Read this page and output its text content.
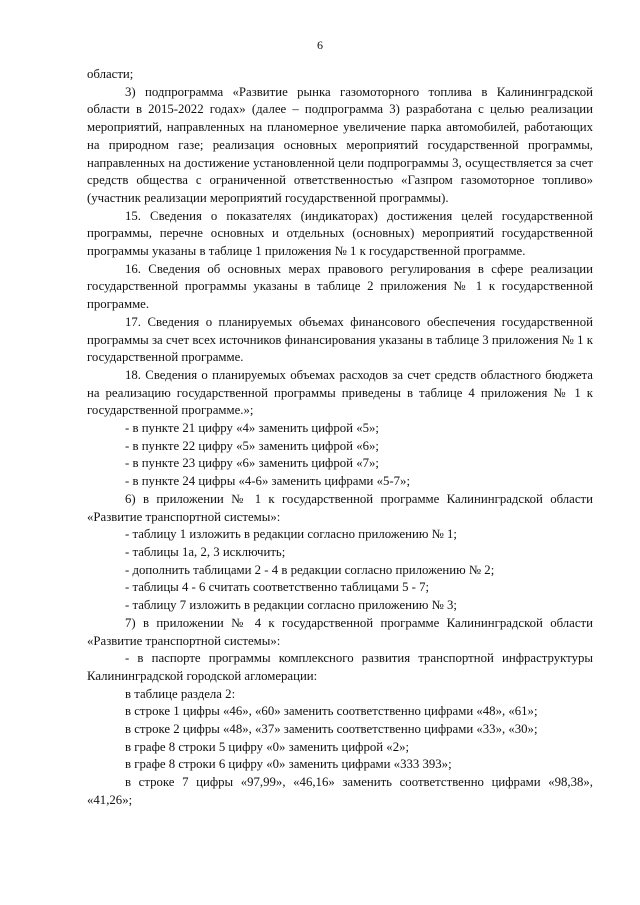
6

области;

3) подпрограмма «Развитие рынка газомоторного топлива в Калининградской области в 2015-2022 годах» (далее – подпрограмма 3) разработана с целью реализации мероприятий, направленных на планомерное увеличение парка автомобилей, работающих на природном газе; реализация основных мероприятий государственной программы, направленных на достижение установленной цели подпрограммы 3, осуществляется за счет средств общества с ограниченной ответственностью «Газпром газомоторное топливо» (участник реализации мероприятий государственной программы).

15. Сведения о показателях (индикаторах) достижения целей государственной программы, перечне основных и отдельных (основных) мероприятий государственной программы указаны в таблице 1 приложения № 1 к государственной программе.

16. Сведения об основных мерах правового регулирования в сфере реализации государственной программы указаны в таблице 2 приложения № 1 к государственной программе.

17. Сведения о планируемых объемах финансового обеспечения государственной программы за счет всех источников финансирования указаны в таблице 3 приложения № 1 к государственной программе.

18. Сведения о планируемых объемах расходов за счет средств областного бюджета на реализацию государственной программы приведены в таблице 4 приложения № 1 к государственной программе.»;

- в пункте 21 цифру «4» заменить цифрой «5»;

- в пункте 22 цифру «5» заменить цифрой «6»;

- в пункте 23 цифру «6» заменить цифрой «7»;

- в пункте 24 цифры «4-6» заменить цифрами «5-7»;

6) в приложении № 1 к государственной программе Калининградской области «Развитие транспортной системы»:

- таблицу 1 изложить в редакции согласно приложению № 1;

- таблицы 1а, 2, 3 исключить;

- дополнить таблицами 2 - 4 в редакции согласно приложению № 2;

- таблицы 4 - 6 считать соответственно таблицами 5 - 7;

- таблицу 7 изложить в редакции согласно приложению № 3;

7) в приложении № 4 к государственной программе Калининградской области «Развитие транспортной системы»:

- в паспорте программы комплексного развития транспортной инфраструктуры Калининградской городской агломерации:

в таблице раздела 2:

в строке 1 цифры «46», «60» заменить соответственно цифрами «48», «61»;

в строке 2 цифры «48», «37» заменить соответственно цифрами «33», «30»;

в графе 8 строки 5 цифру «0» заменить цифрой «2»;

в графе 8 строки 6 цифру «0» заменить цифрами «333 393»;

в строке 7 цифры «97,99», «46,16» заменить соответственно цифрами «98,38», «41,26»;
